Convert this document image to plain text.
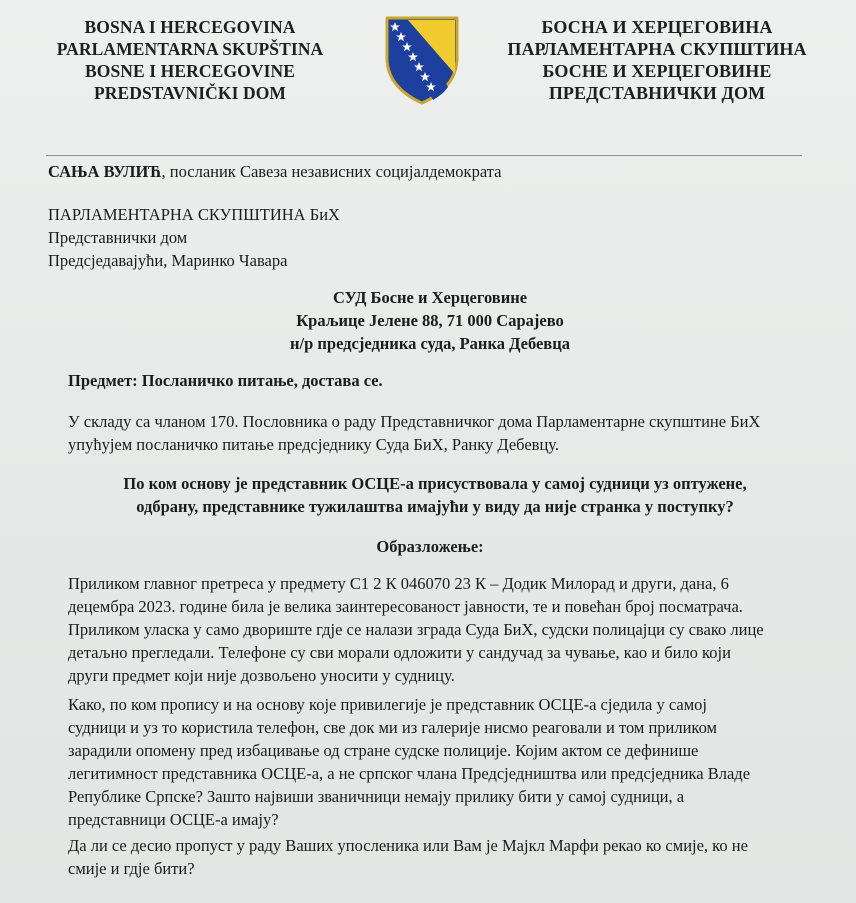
BOSNA I HERCEGOVINA
PARLAMENTARNA SKUPŠTINA
BOSNE I HERCEGOVINE
PREDSTAVNIČKI DOM
БОСНА И ХЕРЦЕГОВИНА
ПАРЛАМЕНТАРНА СКУПШТИНА
БОСНЕ И ХЕРЦЕГОВИНЕ
ПРЕДСТАВНИЧКИ ДОМ
САЊА ВУЛИЋ, посланик Савеза независних социјалдемократа
ПАРЛАМЕНТАРНА СКУПШТИНА БиХ
Представнички дом
Предсједавајући, Маринко Чавара
СУД Босне и Херцеговине
Краљице Јелене 88, 71 000 Сарајево
н/р предсједника суда, Ранка Дебевца
Предмет: Посланичко питање, достава се.
У складу са чланом 170. Пословника о раду Представничког дома Парламентарне скупштине БиХ
упућујем посланичко питање предсједнику Суда БиХ, Ранку Дебевцу.
По ком основу је представник ОСЦЕ-а присуствовала у самој судници уз оптужене,
одбрану, представнике тужилаштва имајући у виду да није странка у поступку?
Образложење:
Приликом главног претреса у предмету С1 2 К 046070 23 К – Додик Милорад и други, дана, 6
децембра 2023. године била је велика заинтересованост јавности, те и повећан број посматрача.
Приликом уласка у само двориште гдје се налази зграда Суда БиХ, судски полицајци су свако лице
детаљно прегледали. Телефоне су сви морали одложити у сандучад за чување, као и било који
други предмет који није дозвољено уносити у судницу.
Како, по ком пропису и на основу које привилегије је представник ОСЦЕ-а сједила у самој
судници и уз то користила телефон, све док ми из галерије нисмо реаговали и том приликом
зарадили опомену пред избацивање од стране судске полиције. Којим актом се дефинише
легитимност представника ОСЦЕ-а, а не српског члана Предсједништва или предсједника Владе
Републике Српске? Зашто највиши званичници немају прилику бити у самој судници, а
представници ОСЦЕ-а имају?
Да ли се десио пропуст у раду Ваших упосленика или Вам је Мајкл Марфи рекао ко смије, ко не
смије и гдје бити?
